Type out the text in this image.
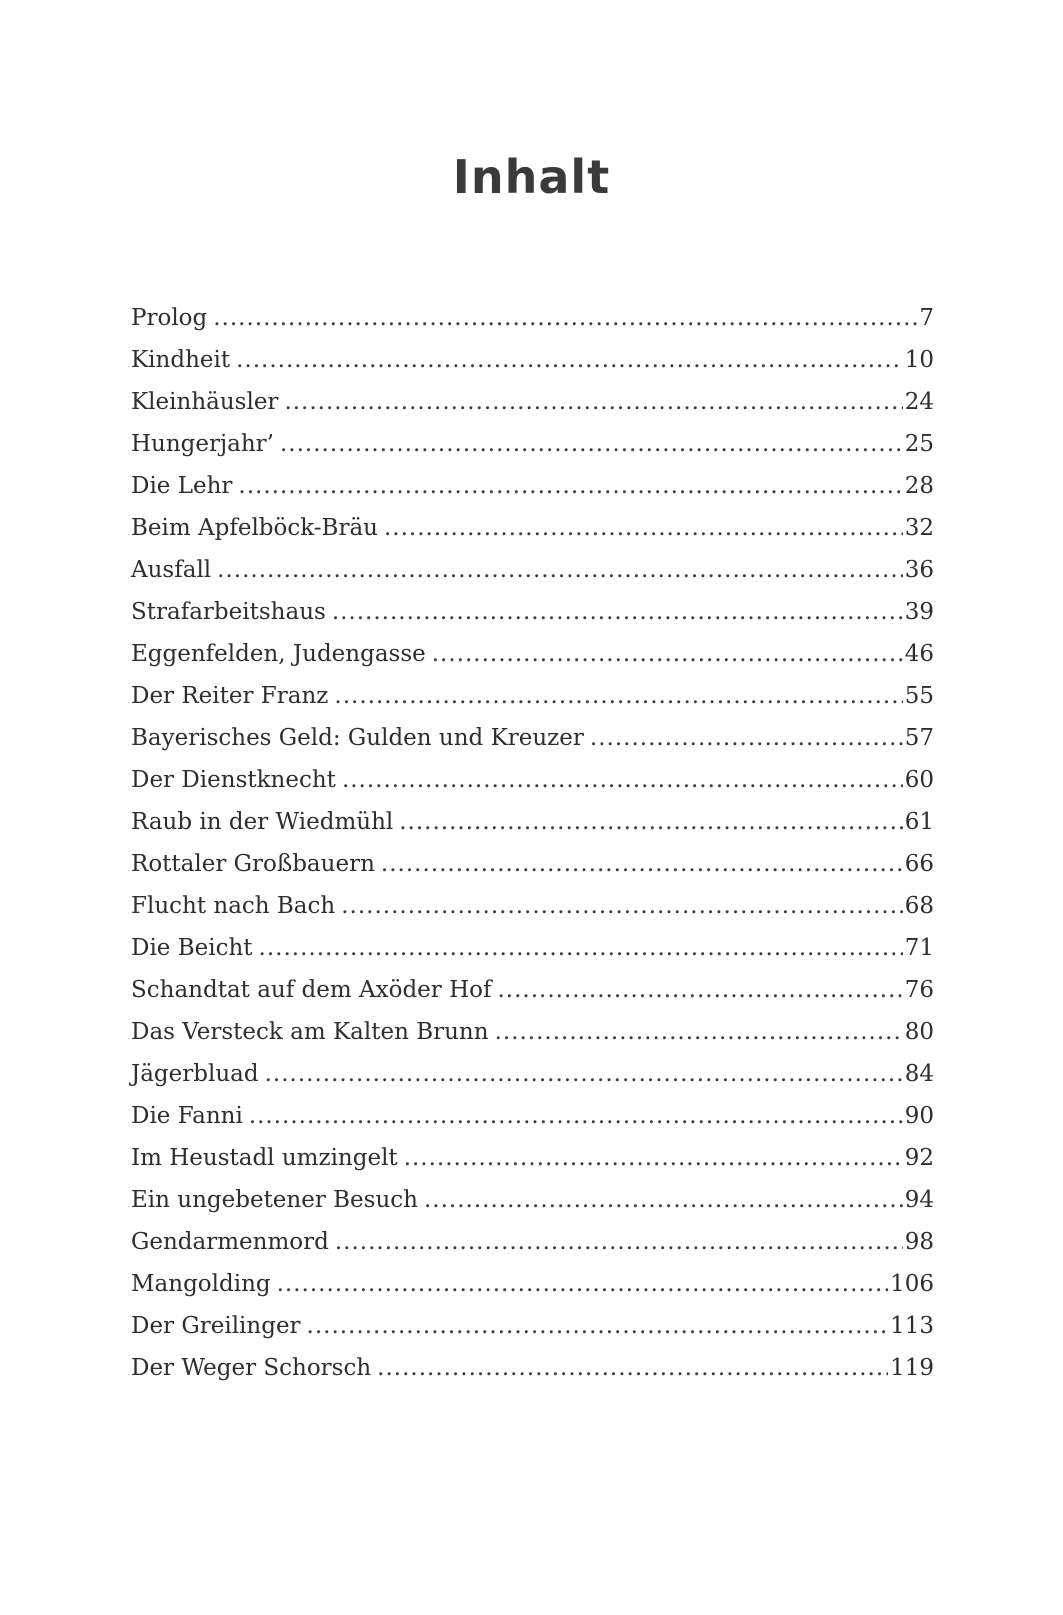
Inhalt
Prolog .....	7
Kindheit .....	10
Kleinhäusler .....	24
Hungerjahr’ .....	25
Die Lehr .....	28
Beim Apfelböck-Bräu .....	32
Ausfall .....	36
Strafarbeitshaus .....	39
Eggenfelden, Judengasse .....	46
Der Reiter Franz .....	55
Bayerisches Geld: Gulden und Kreuzer .....	57
Der Dienstknecht .....	60
Raub in der Wiedmühl .....	61
Rottaler Großbauern .....	66
Flucht nach Bach .....	68
Die Beicht .....	71
Schandtat auf dem Axöder Hof .....	76
Das Versteck am Kalten Brunn .....	80
Jägerbluad .....	84
Die Fanni .....	90
Im Heustadl umzingelt .....	92
Ein ungebetener Besuch .....	94
Gendarmenmord .....	98
Mangolding .....	106
Der Greilinger .....	113
Der Weger Schorsch .....	119
